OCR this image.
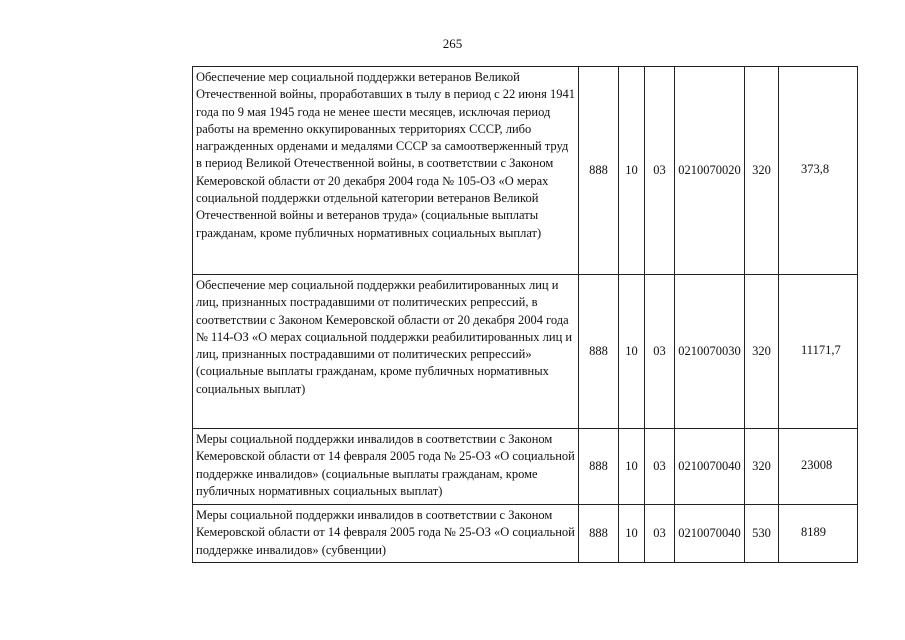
265
Обеспечение мер социальной поддержки ветеранов Великой Отечественной войны, проработавших в тылу в период с 22 июня 1941 года по 9 мая 1945 года не менее шести месяцев, исключая период работы на временно оккупированных территориях СССР, либо награжденных орденами и медалями СССР за самоотверженный труд в период Великой Отечественной войны, в соответствии с Законом Кемеровской области от 20 декабря 2004 года № 105-ОЗ «О мерах социальной поддержки отдельной категории ветеранов Великой Отечественной войны и ветеранов труда» (социальные выплаты гражданам, кроме публичных нормативных социальных выплат)	888	10	03	0210070020	320	373,8
Обеспечение мер социальной поддержки реабилитированных лиц и лиц, признанных пострадавшими от политических репрессий, в соответствии с Законом Кемеровской области от 20 декабря 2004 года № 114-ОЗ «О мерах социальной поддержки реабилитированных лиц и лиц, признанных пострадавшими от политических репрессий» (социальные выплаты гражданам, кроме публичных нормативных социальных выплат)	888	10	03	0210070030	320	11171,7
Меры социальной поддержки инвалидов в соответствии с Законом Кемеровской области от 14 февраля 2005 года № 25-ОЗ «О социальной поддержке инвалидов» (социальные выплаты гражданам, кроме публичных нормативных социальных выплат)	888	10	03	0210070040	320	23008
Меры социальной поддержки инвалидов в соответствии с Законом Кемеровской области от 14 февраля 2005 года № 25-ОЗ «О социальной поддержке инвалидов» (субвенции)	888	10	03	0210070040	530	8189
